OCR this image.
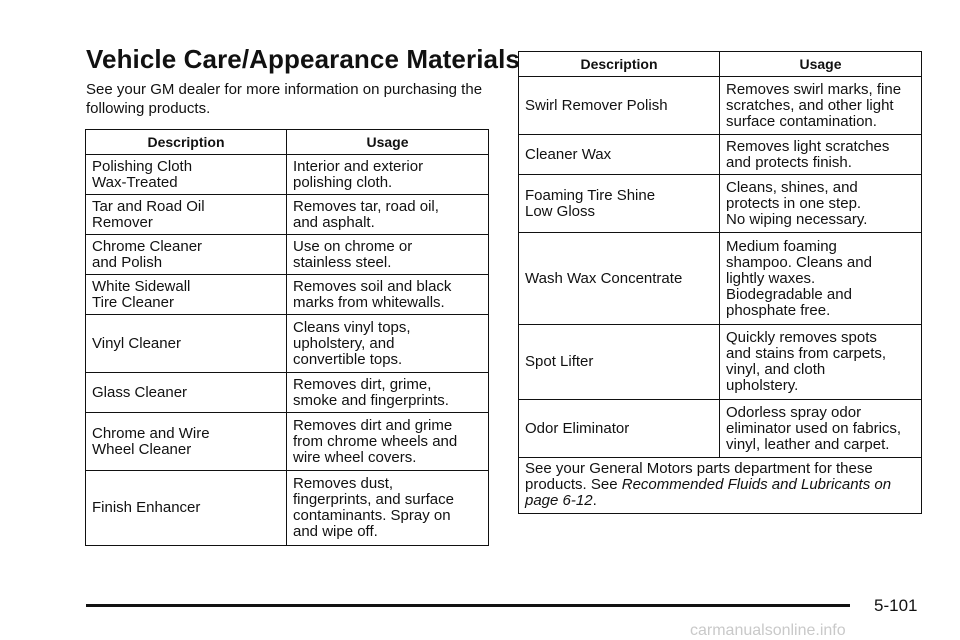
Vehicle Care/Appearance Materials
See your GM dealer for more information on purchasing the following products.
Description	Usage
Polishing Cloth
Wax-Treated	Interior and exterior
polishing cloth.
Tar and Road Oil
Remover	Removes tar, road oil,
and asphalt.
Chrome Cleaner
and Polish	Use on chrome or
stainless steel.
White Sidewall
Tire Cleaner	Removes soil and black
marks from whitewalls.
Vinyl Cleaner	Cleans vinyl tops,
upholstery, and
convertible tops.
Glass Cleaner	Removes dirt, grime,
smoke and fingerprints.
Chrome and Wire
Wheel Cleaner	Removes dirt and grime
from chrome wheels and
wire wheel covers.
Finish Enhancer	Removes dust,
fingerprints, and surface
contaminants. Spray on
and wipe off.
Description	Usage
Swirl Remover Polish	Removes swirl marks, fine
scratches, and other light
surface contamination.
Cleaner Wax	Removes light scratches
and protects finish.
Foaming Tire Shine
Low Gloss	Cleans, shines, and
protects in one step.
No wiping necessary.
Wash Wax Concentrate	Medium foaming
shampoo. Cleans and
lightly waxes.
Biodegradable and
phosphate free.
Spot Lifter	Quickly removes spots
and stains from carpets,
vinyl, and cloth
upholstery.
Odor Eliminator	Odorless spray odor
eliminator used on fabrics,
vinyl, leather and carpet.
See your General Motors parts department for these products. See Recommended Fluids and Lubricants on page 6-12.	
5-101
carmanualsonline.info
